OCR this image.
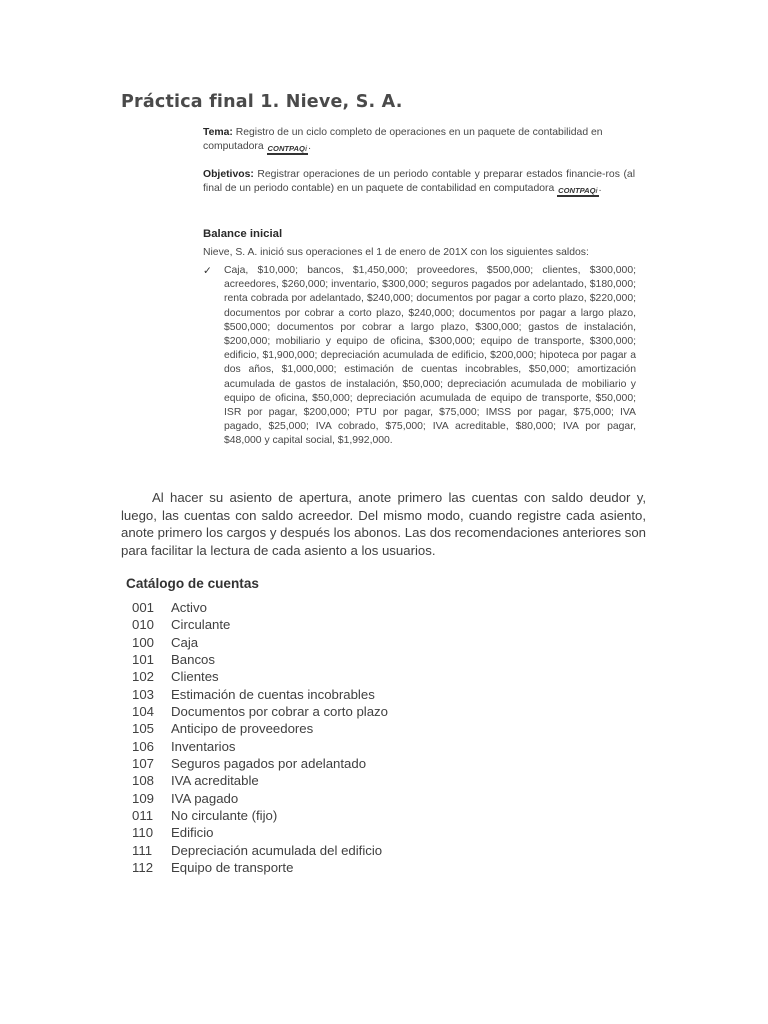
Práctica final 1. Nieve, S. A.
Tema: Registro de un ciclo completo de operaciones en un paquete de contabilidad en computadora CONTPAQi.
Objetivos: Registrar operaciones de un periodo contable y preparar estados financie-ros (al final de un periodo contable) en un paquete de contabilidad en computadora CONTPAQi.
Balance inicial
Nieve, S. A. inició sus operaciones el 1 de enero de 201X con los siguientes saldos:
✓ Caja, $10,000; bancos, $1,450,000; proveedores, $500,000; clientes, $300,000; acreedores, $260,000; inventario, $300,000; seguros pagados por adelantado, $180,000; renta cobrada por adelantado, $240,000; documentos por pagar a corto plazo, $220,000; documentos por cobrar a corto plazo, $240,000; documentos por pagar a largo plazo, $500,000; documentos por cobrar a largo plazo, $300,000; gastos de instalación, $200,000; mobiliario y equipo de oficina, $300,000; equipo de transporte, $300,000; edificio, $1,900,000; depreciación acumulada de edificio, $200,000; hipoteca por pagar a dos años, $1,000,000; estimación de cuentas incobrables, $50,000; amortización acumulada de gastos de instalación, $50,000; depreciación acumulada de mobiliario y equipo de oficina, $50,000; depreciación acumulada de equipo de transporte, $50,000; ISR por pagar, $200,000; PTU por pagar, $75,000; IMSS por pagar, $75,000; IVA pagado, $25,000; IVA cobrado, $75,000; IVA acreditable, $80,000; IVA por pagar, $48,000 y capital social, $1,992,000.
Al hacer su asiento de apertura, anote primero las cuentas con saldo deudor y, luego, las cuentas con saldo acreedor. Del mismo modo, cuando registre cada asiento, anote primero los cargos y después los abonos. Las dos recomendaciones anteriores son para facilitar la lectura de cada asiento a los usuarios.
Catálogo de cuentas
001	Activo
010	Circulante
100	Caja
101	Bancos
102	Clientes
103	Estimación de cuentas incobrables
104	Documentos por cobrar a corto plazo
105	Anticipo de proveedores
106	Inventarios
107	Seguros pagados por adelantado
108	IVA acreditable
109	IVA pagado
011	No circulante (fijo)
110	Edificio
111	Depreciación acumulada del edificio
112	Equipo de transporte
